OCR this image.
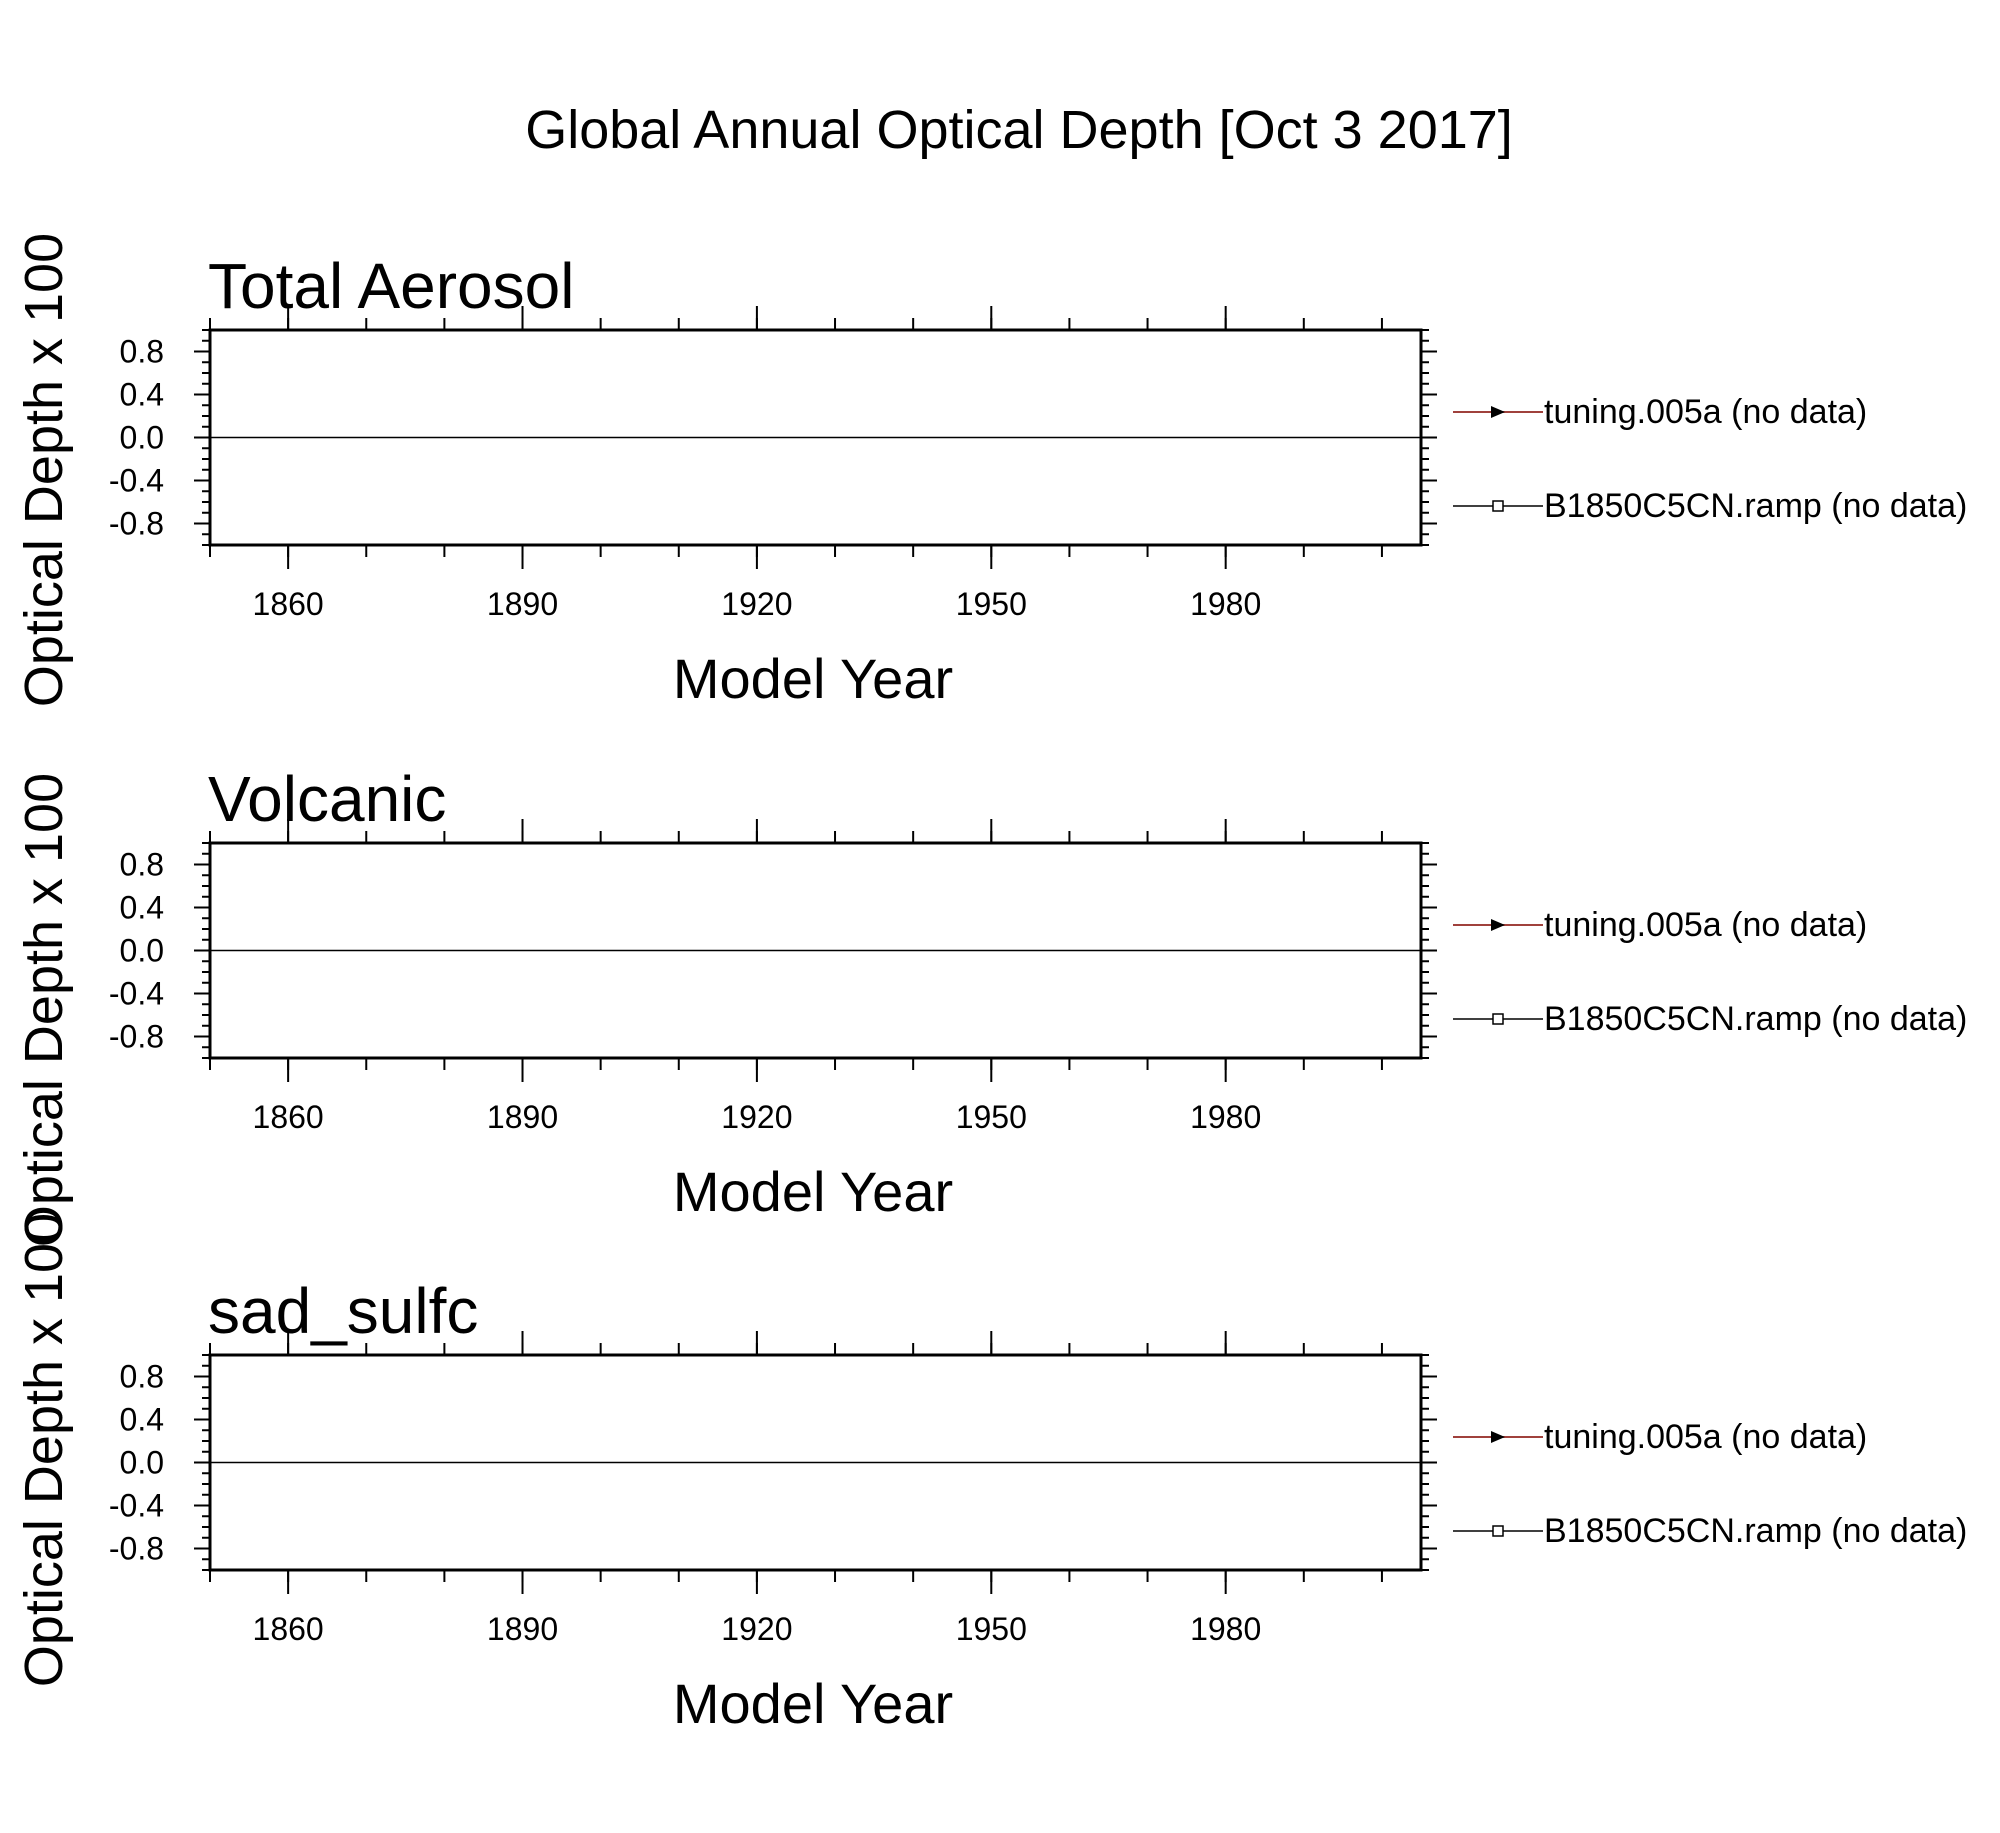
Global Annual Optical Depth [Oct 3 2017]
Total Aerosol
1860	1890	1920	1950	1980
0.8
0.4
0.0
-0.4
-0.8
Model Year
tuning.005a (no data)
B1850C5CN.ramp (no data)
Volcanic
1860	1890	1920	1950	1980
0.8
0.4
0.0
-0.4
-0.8
Model Year
tuning.005a (no data)
B1850C5CN.ramp (no data)
sad_sulfc
1860	1890	1920	1950	1980
0.8
0.4
0.0
-0.4
-0.8
Model Year
tuning.005a (no data)
B1850C5CN.ramp (no data)
Optical Depth x 100
Optical Depth x 100
Optical Depth x 100
